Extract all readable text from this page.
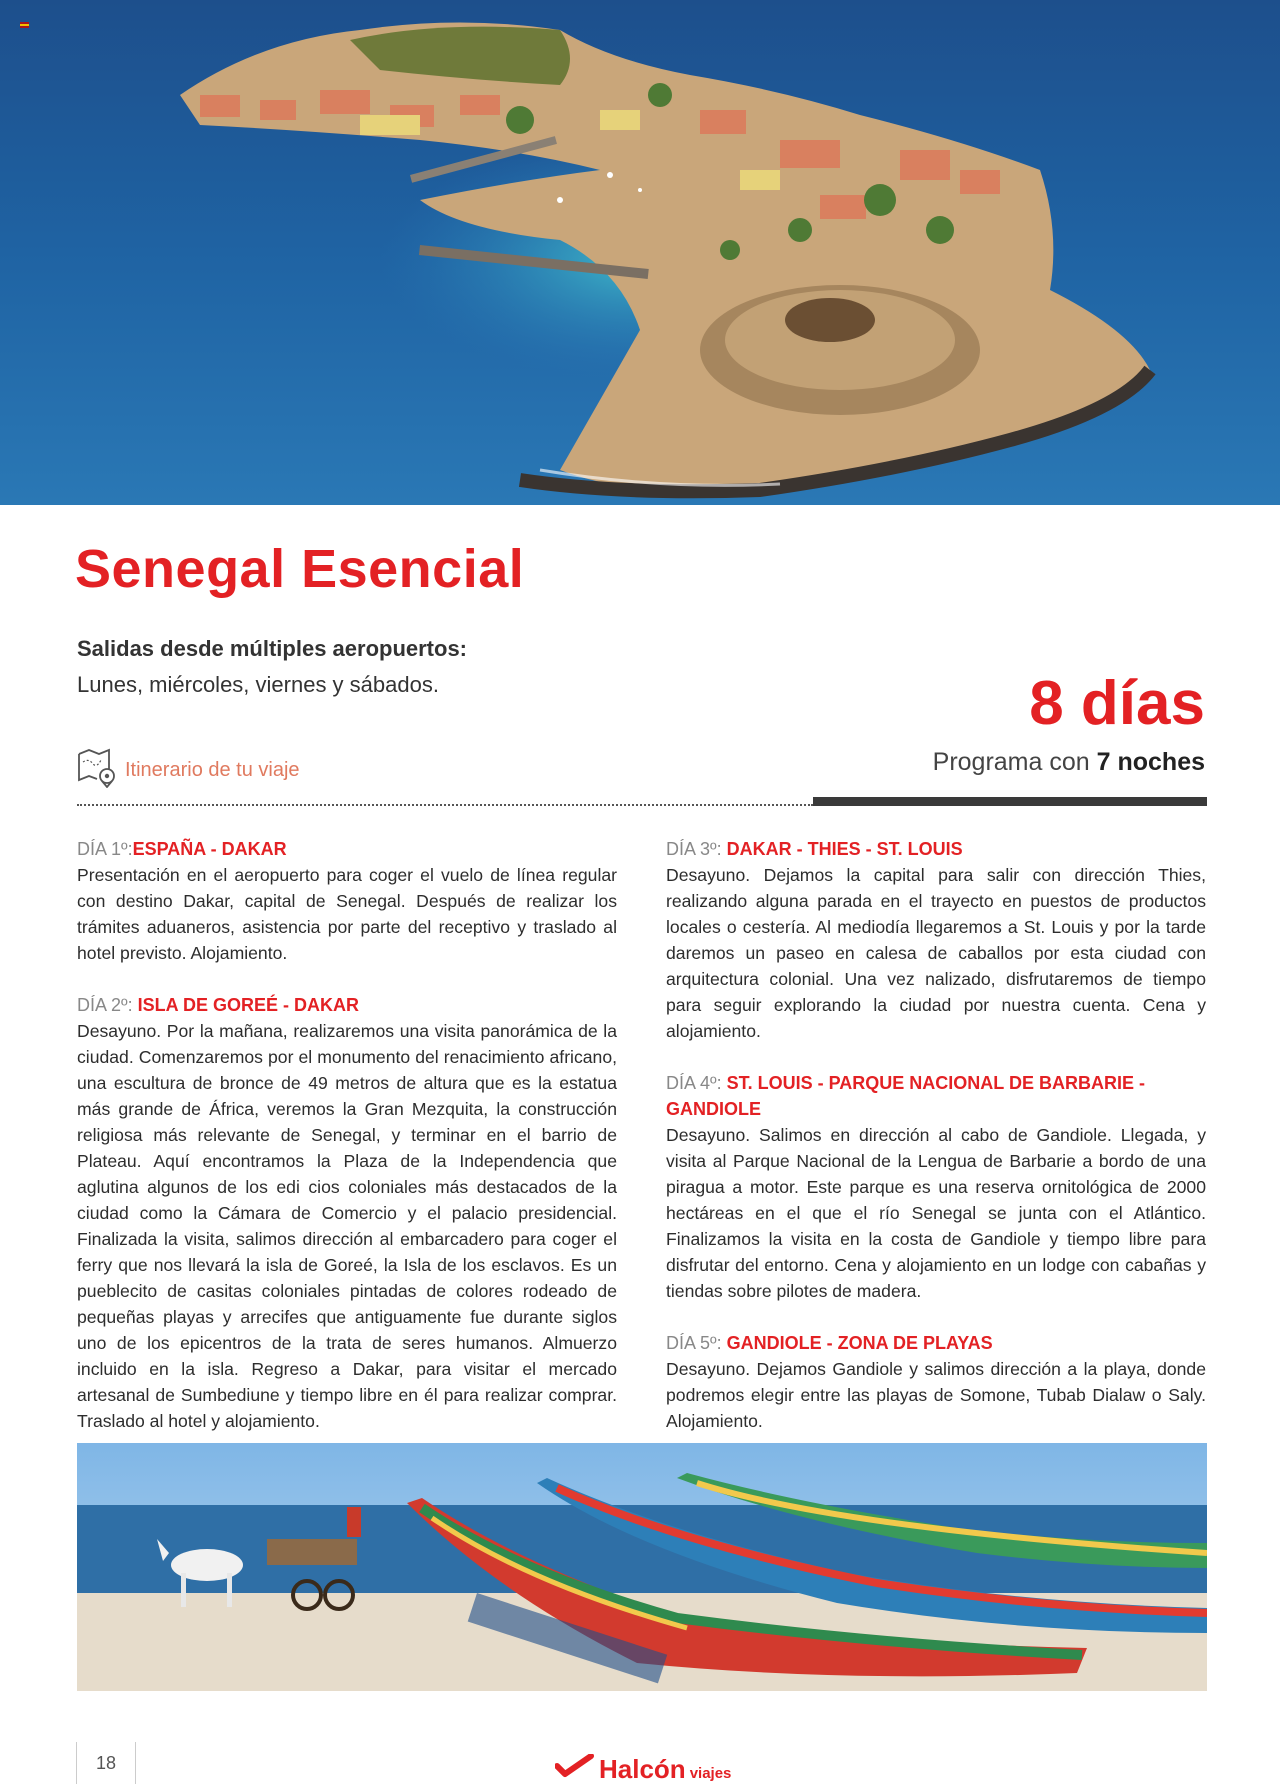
Senegal Esencial
Salidas desde múltiples aeropuertos:
Lunes, miércoles, viernes y sábados.	8 días
Programa con 7 noches
Itinerario de tu viaje

DÍA 1º:ESPAÑA - DAKAR

Presentación en el aeropuerto para coger el vuelo de línea regular con destino Dakar, capital de Senegal. Después de realizar los trámites aduaneros, asistencia por parte del receptivo y traslado al hotel previsto. Alojamiento.

DÍA 2º: ISLA DE GOREÉ - DAKAR

Desayuno. Por la mañana, realizaremos una visita panorámica de la ciudad. Comenzaremos por el monumento del renacimiento africano, una escultura de bronce de 49 metros de altura que es la estatua más grande de África, veremos la Gran Mezquita, la construcción religiosa más relevante de Senegal, y terminar en el barrio de Plateau. Aquí encontramos la Plaza de la Independencia que aglutina algunos de los edi cios coloniales más destacados de la ciudad como la Cámara de Comercio y el palacio presidencial. Finalizada la visita, salimos dirección al embarcadero para coger el ferry que nos llevará la isla de Goreé, la Isla de los esclavos. Es un pueblecito de casitas coloniales pintadas de colores rodeado de pequeñas playas y arrecifes que antiguamente fue durante siglos uno de los epicentros de la trata de seres humanos. Almuerzo incluido en la isla. Regreso a Dakar, para visitar el mercado artesanal de Sumbediune y tiempo libre en él para realizar comprar. Traslado al hotel y alojamiento.

DÍA 3º: DAKAR - THIES - ST. LOUIS

Desayuno. Dejamos la capital para salir con dirección Thies, realizando alguna parada en el trayecto en puestos de productos locales o cestería. Al mediodía llegaremos a St. Louis y por la tarde daremos un paseo en calesa de caballos por esta ciudad con arquitectura colonial. Una vez nalizado, disfrutaremos de tiempo para seguir explorando la ciudad por nuestra cuenta. Cena y alojamiento.

DÍA 4º: ST. LOUIS - PARQUE NACIONAL DE BARBARIE - GANDIOLE

Desayuno. Salimos en dirección al cabo de Gandiole. Llegada, y visita al Parque Nacional de la Lengua de Barbarie a bordo de una piragua a motor. Este parque es una reserva ornitológica de 2000 hectáreas en el que el río Senegal se junta con el Atlántico. Finalizamos la visita en la costa de Gandiole y tiempo libre para disfrutar del entorno. Cena y alojamiento en un lodge con cabañas y tiendas sobre pilotes de madera.

DÍA 5º: GANDIOLE - ZONA DE PLAYAS

Desayuno. Dejamos Gandiole y salimos dirección a la playa, donde podremos elegir entre las playas de Somone, Tubab Dialaw o Saly. Alojamiento.

18	Halcón viajes
